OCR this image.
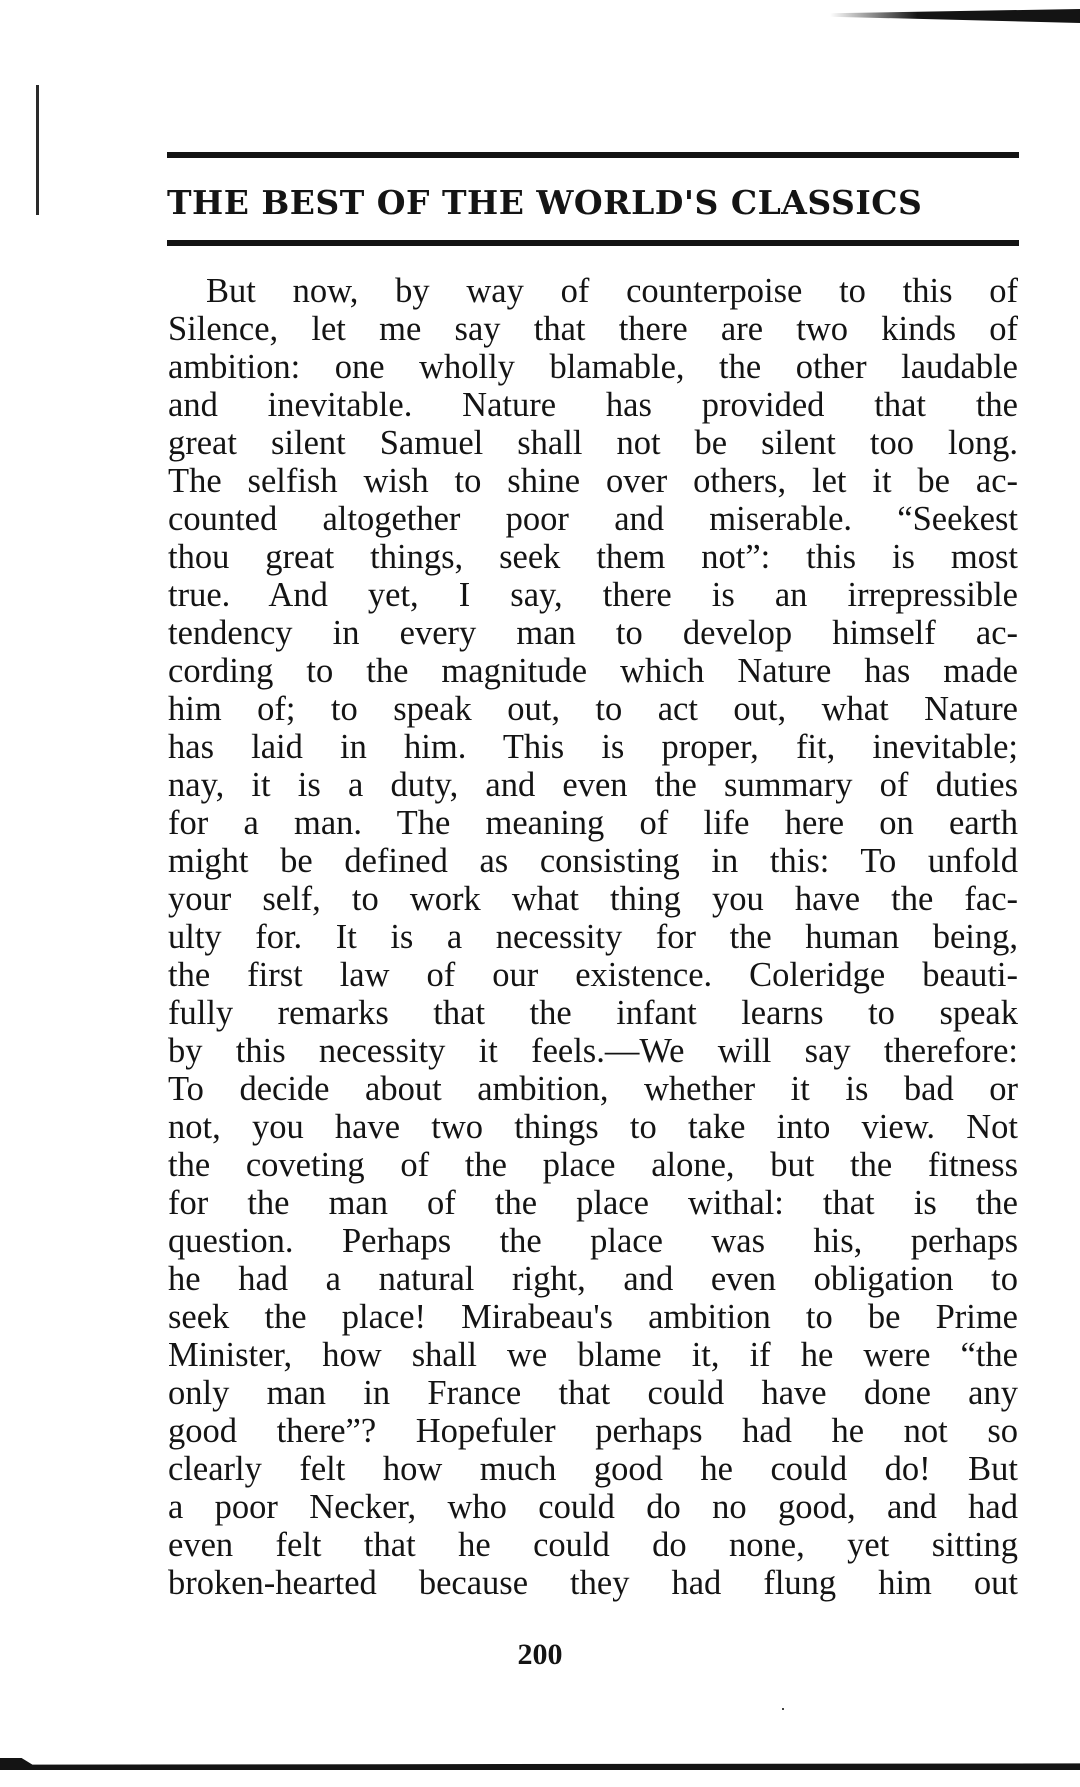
THE BEST OF THE WORLD'S CLASSICS
But now, by way of counterpoise to this of
Silence, let me say that there are two kinds of
ambition: one wholly blamable, the other laudable
and inevitable. Nature has provided that the
great silent Samuel shall not be silent too long.
The selfish wish to shine over others, let it be ac-
counted altogether poor and miserable. “Seekest
thou great things, seek them not”: this is most
true. And yet, I say, there is an irrepressible
tendency in every man to develop himself ac-
cording to the magnitude which Nature has made
him of; to speak out, to act out, what Nature
has laid in him. This is proper, fit, inevitable;
nay, it is a duty, and even the summary of duties
for a man. The meaning of life here on earth
might be defined as consisting in this: To unfold
your self, to work what thing you have the fac-
ulty for. It is a necessity for the human being,
the first law of our existence. Coleridge beauti-
fully remarks that the infant learns to speak
by this necessity it feels.—We will say therefore:
To decide about ambition, whether it is bad or
not, you have two things to take into view. Not
the coveting of the place alone, but the fitness
for the man of the place withal: that is the
question. Perhaps the place was his, perhaps
he had a natural right, and even obligation to
seek the place! Mirabeau's ambition to be Prime
Minister, how shall we blame it, if he were “the
only man in France that could have done any
good there”? Hopefuler perhaps had he not so
clearly felt how much good he could do! But
a poor Necker, who could do no good, and had
even felt that he could do none, yet sitting
broken-hearted because they had flung him out

200
